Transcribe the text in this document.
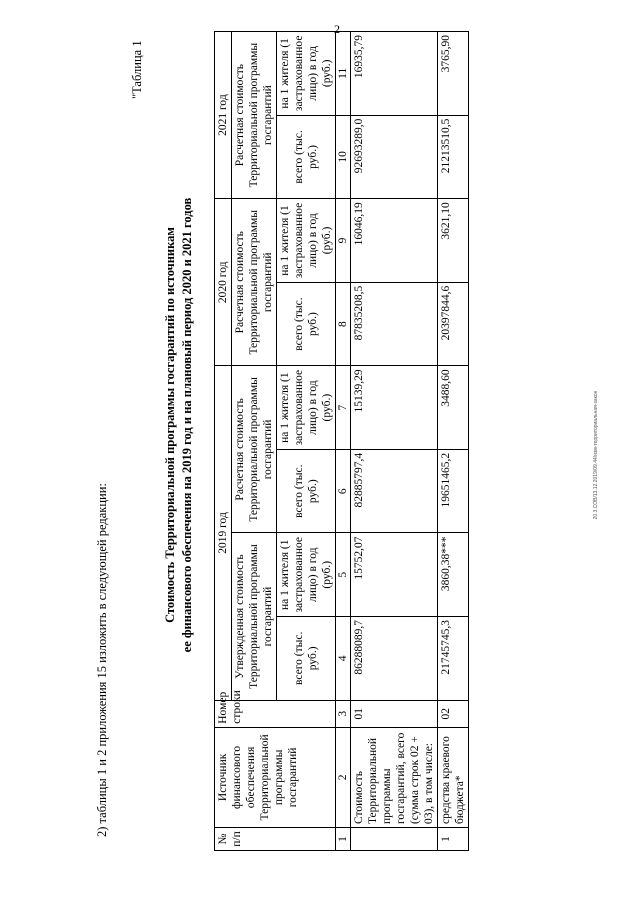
2
20.3.СОВ/13.12.2019/09.44/изм-территориальная-закон
2) таблицы 1 и 2 приложения 15 изложить в следующей редакции:
"Таблица 1
Стоимость Территориальной программы госгарантий по источникам ее финансового обеспечения на 2019 год и на плановый период 2020 и 2021 годов
№ п/п	Источник финансового обеспечения Территориальной программы госгарантий	Номер строки	2019 год				2020 год		2021 год	
			Утвержденная стоимость Территориальной программы госгарантий		Расчетная стоимость Территориальной программы госгарантий		Расчетная стоимость Территориальной программы госгарантий		Расчетная стоимость Территориальной программы госгарантий	
			всего (тыс. руб.)	на 1 жителя (1 застрахованное лицо) в год (руб.)	всего (тыс. руб.)	на 1 жителя (1 застрахованное лицо) в год (руб.)	всего (тыс. руб.)	на 1 жителя (1 застрахованное лицо) в год (руб.)	всего (тыс. руб.)	на 1 жителя (1 застрахованное лицо) в год (руб.)
1	2	3	4	5	6	7	8	9	10	11
	Стоимость Территориальной программы госгарантий, всего (сумма строк 02 + 03), в том числе:	01	86288089,7	15752,07	82885797,4	15139,29	87835208,5	16046,19	92693289,0	16935,79
1	средства краевого бюджета*	02	21745745,3	3860,38***	19651465,2	3488,60	20397844,6	3621,10	21213510,5	3765,90
